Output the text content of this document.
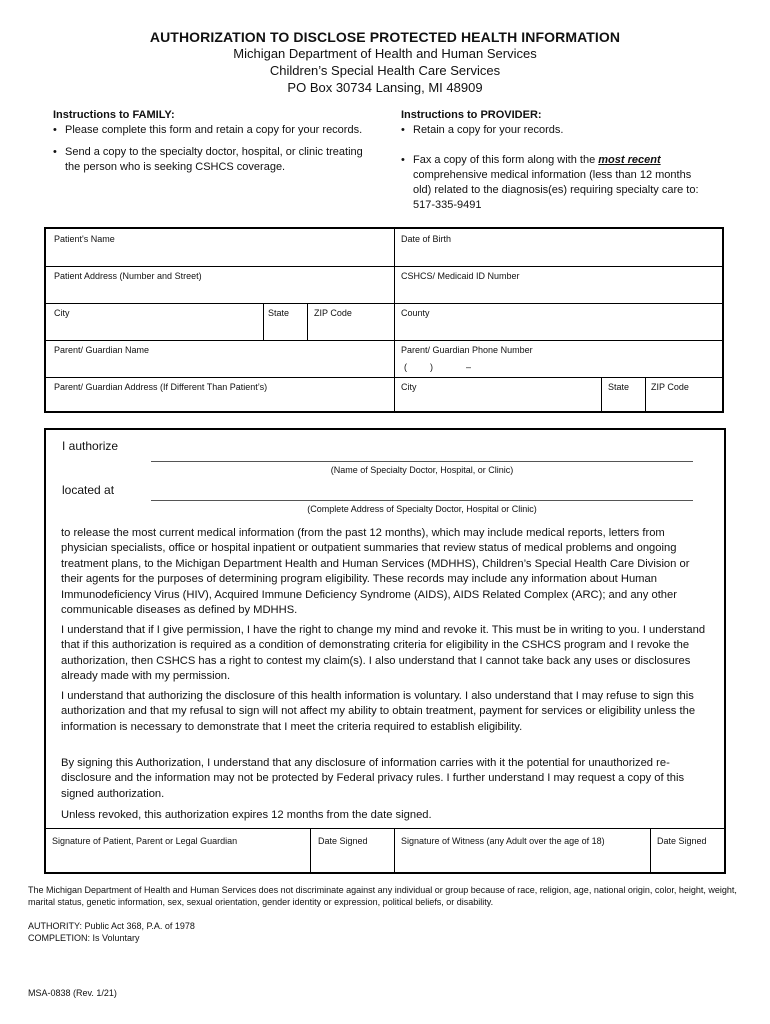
AUTHORIZATION TO DISCLOSE PROTECTED HEALTH INFORMATION
Michigan Department of Health and Human Services
Children’s Special Health Care Services
PO Box 30734 Lansing, MI 48909
Instructions to FAMILY:
• Please complete this form and retain a copy for your records.
• Send a copy to the specialty doctor, hospital, or clinic treating the person who is seeking CSHCS coverage.
Instructions to PROVIDER:
• Retain a copy for your records.
• Fax a copy of this form along with the most recent comprehensive medical information (less than 12 months old) related to the diagnosis(es) requiring specialty care to: 517-335-9491
Patient's Name	Date of Birth
Patient Address (Number and Street)	CSHCS/ Medicaid ID Number
City	State	ZIP Code	County
Parent/ Guardian Name	Parent/ Guardian Phone Number
(	)	–
Parent/ Guardian Address (If Different Than Patient’s)	City	State ZIP Code
I authorize
(Name of Specialty Doctor, Hospital, or Clinic)
located at
(Complete Address of Specialty Doctor, Hospital or Clinic)
Signature of Patient, Parent or Legal Guardian	Date Signed	Signature of Witness (any Adult over the age of 18)	Date Signed
to release the most current medical information (from the past 12 months), which may include medical reports, letters from physician specialists, office or hospital inpatient or outpatient summaries that review status of medical problems and ongoing treatment plans, to the Michigan Department Health and Human Services (MDHHS), Children’s Special Health Care Division or their agents for the purposes of determining program eligibility. These records may include any information about Human Immunodeficiency Virus (HIV), Acquired Immune Deficiency Syndrome (AIDS), AIDS Related Complex (ARC); and any other communicable diseases as defined by MDHHS.
I understand that if I give permission, I have the right to change my mind and revoke it. This must be in writing to you. I understand that if this authorization is required as a condition of demonstrating criteria for eligibility in the CSHCS program and I revoke the authorization, then CSHCS has a right to contest my claim(s). I also understand that I cannot take back any uses or disclosures already made with my permission.
I understand that authorizing the disclosure of this health information is voluntary. I also understand that I may refuse to sign this authorization and that my refusal to sign will not affect my ability to obtain treatment, payment for services or eligibility unless the information is necessary to demonstrate that I meet the criteria required to establish eligibility.
By signing this Authorization, I understand that any disclosure of information carries with it the potential for unauthorized re-disclosure and the information may not be protected by Federal privacy rules. I further understand I may request a copy of this signed authorization.
Unless revoked, this authorization expires 12 months from the date signed.
The Michigan Department of Health and Human Services does not discriminate against any individual or group because of race, religion, age, national origin, color, height, weight, marital status, genetic information, sex, sexual orientation, gender identity or expression, political beliefs, or disability.
AUTHORITY: Public Act 368, P.A. of 1978
COMPLETION: Is Voluntary
MSA-0838 (Rev. 1/21)
